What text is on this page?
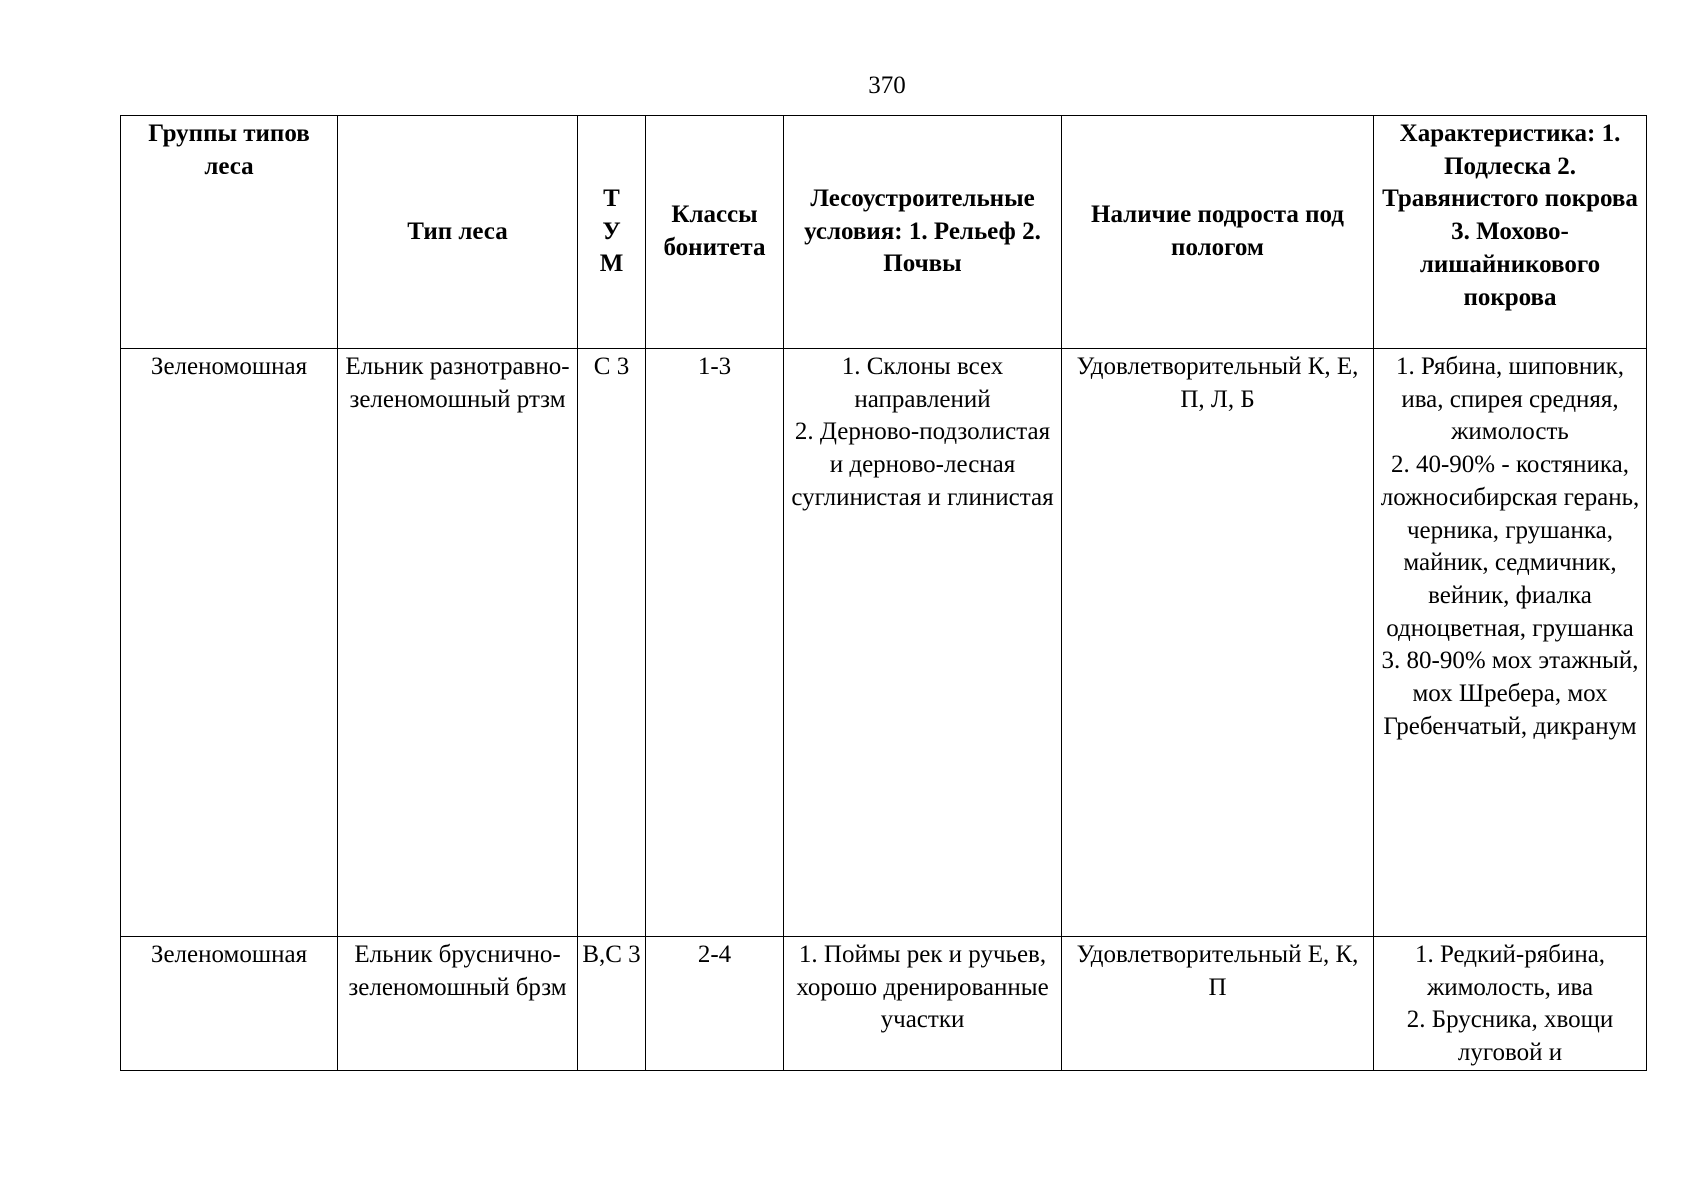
370
Группы типов леса	Тип леса	Т
У
М	Классы бонитета	Лесоустроительные условия: 1. Рельеф 2. Почвы	Наличие подроста под пологом	Характеристика: 1. Подлеска 2. Травянистого покрова 3. Мохово-лишайникового покрова
Зеленомошная	Ельник разнотравно-зеленомошный ртзм	С 3	1-3	1. Склоны всех направлений
2. Дерново-подзолистая и дерново-лесная суглинистая и глинистая	Удовлетворительный К, Е, П, Л, Б	1. Рябина, шиповник, ива, спирея средняя, жимолость
2. 40-90% - костяника, ложносибирская герань, черника, грушанка, майник, седмичник, вейник, фиалка одноцветная, грушанка
3. 80-90% мох этажный, мох Шребера, мох Гребенчатый, дикранум
Зеленомошная	Ельник брусничнo-зеленомошный брзм	В,С 3	2-4	1. Поймы рек и ручьев, хорошо дренированные участки	Удовлетворительный Е, К, П	1. Редкий-рябина, жимолость, ива
2. Брусника, хвощи луговой и
